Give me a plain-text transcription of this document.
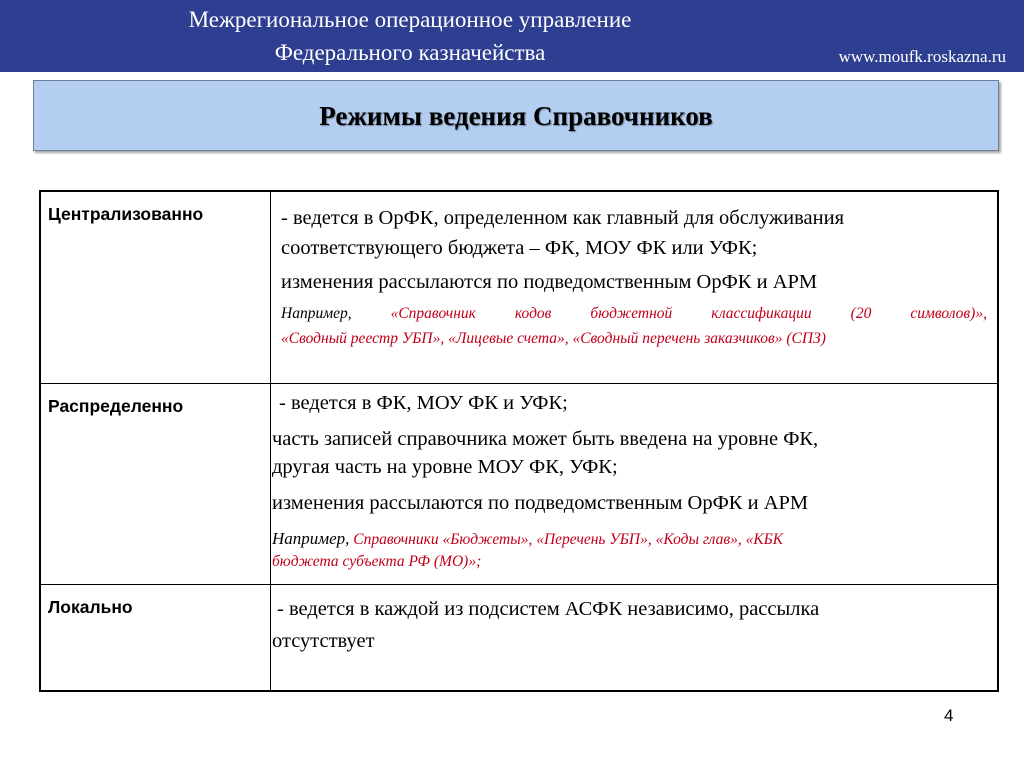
Межрегиональное операционное управление
Федерального казначейства	www.moufk.roskazna.ru
Режимы ведения Справочников
Централизованно	- ведется в ОрФК, определенном как главный для обслуживания
соответствующего бюджета – ФК, МОУ ФК или УФК;
изменения рассылаются по подведомственным ОрФК и АРМ
Например,	«Справочник	кодов	бюджетной	классификации	(20	символов)»,
«Сводный реестр УБП», «Лицевые счета», «Сводный перечень заказчиков» (СПЗ)
Распределенно	- ведется в ФК, МОУ ФК и УФК;
часть записей справочника может быть введена на уровне ФК,
другая часть на уровне МОУ ФК, УФК;
изменения рассылаются по подведомственным ОрФК и АРМ
Например, Справочники «Бюджеты», «Перечень УБП», «Коды глав», «КБК
бюджета субъекта РФ (МО)»;
Локально	- ведется в каждой из подсистем АСФК независимо, рассылка
отсутствует
4
